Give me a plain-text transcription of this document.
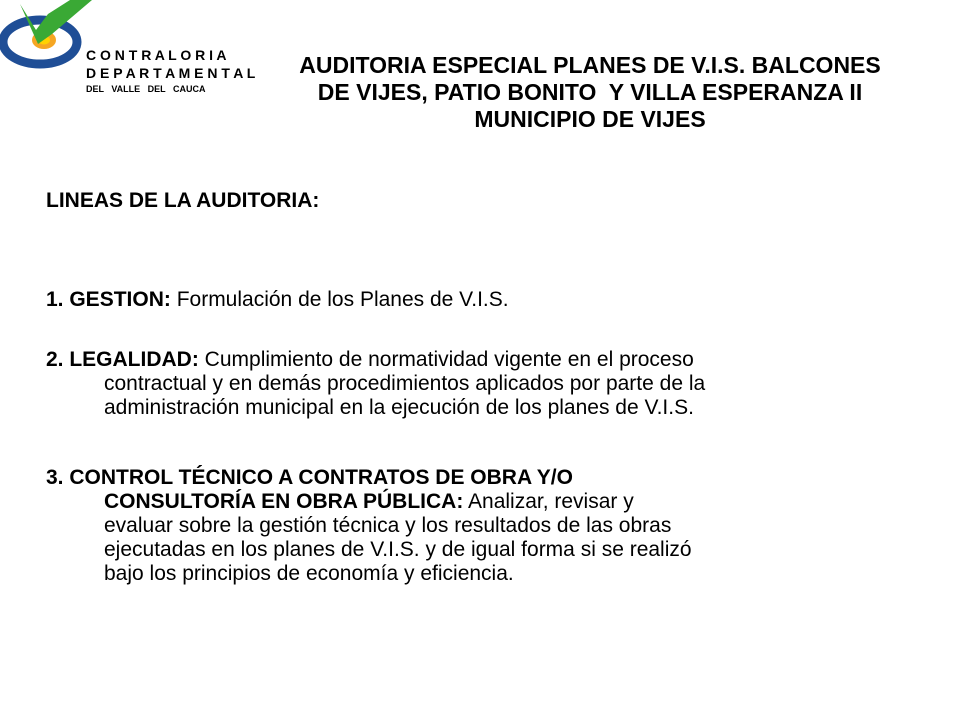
C O N T R A L O R I A
D E P A R T A M E N T A L
DEL   VALLE   DEL   CAUCA
AUDITORIA ESPECIAL PLANES DE V.I.S. BALCONES
DE VIJES, PATIO BONITO  Y VILLA ESPERANZA II
MUNICIPIO DE VIJES
LINEAS DE LA AUDITORIA:
1. GESTION: Formulación de los Planes de V.I.S.
2. LEGALIDAD: Cumplimiento de normatividad vigente en el proceso
contractual y en demás procedimientos aplicados por parte de la
administración municipal en la ejecución de los planes de V.I.S.
3. CONTROL TÉCNICO A CONTRATOS DE OBRA Y/O
CONSULTORÍA EN OBRA PÚBLICA: Analizar, revisar y
evaluar sobre la gestión técnica y los resultados de las obras
ejecutadas en los planes de V.I.S. y de igual forma si se realizó
bajo los principios de economía y eficiencia.
